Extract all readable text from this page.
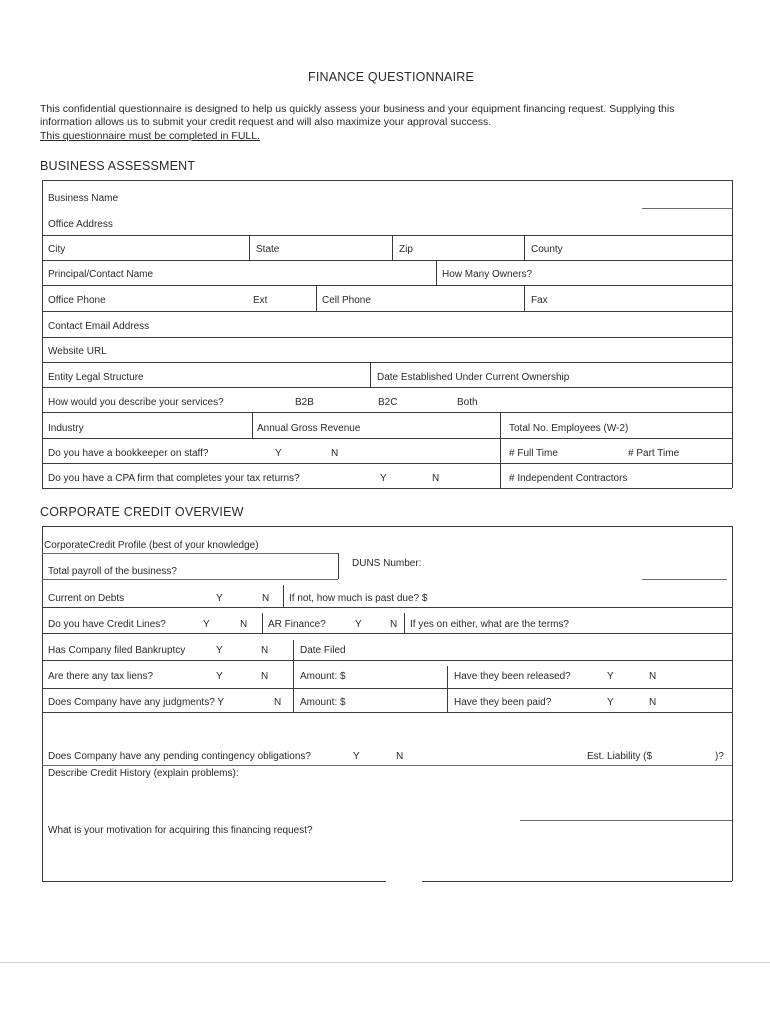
FINANCE QUESTIONNAIRE
This confidential questionnaire is designed to help us quickly assess your business and your equipment financing request. Supplying this
information allows us to submit your credit request and will also maximize your approval success.
This questionnaire must be completed in FULL.
BUSINESS ASSESSMENT
Business Name
Office Address
City	State	Zip	County
Principal/Contact Name	How Many Owners?
Office Phone	Ext	Cell Phone	Fax
Contact Email Address
Website URL
Entity Legal Structure	Date Established Under Current Ownership
How would you describe your services?	B2B	B2C	Both
Industry	Annual Gross Revenue	Total No. Employees (W-2)
Do you have a bookkeeper on staff?	Y	N	# Full Time	# Part Time
Do you have a CPA firm that completes your tax returns?	Y	N	# Independent Contractors
CORPORATE CREDIT OVERVIEW
CorporateCredit Profile (best of your knowledge)
DUNS Number:
Total payroll of the business?
Current on Debts	Y	N If not, how much is past due? $
Do you have Credit Lines?	Y	N AR Finance?	Y	N If yes on either, what are the terms?
Has Company filed Bankruptcy	Y	N	Date Filed
Are there any tax liens?	Y	N	Amount: $	Have they been released?	Y	N
Does Company have any judgments? Y	N Amount: $	Have they been paid?	Y	N
Does Company have any pending contingency obligations?	Y	N	Est. Liability ($	)?
Describe Credit History (explain problems):
What is your motivation for acquiring this financing request?
